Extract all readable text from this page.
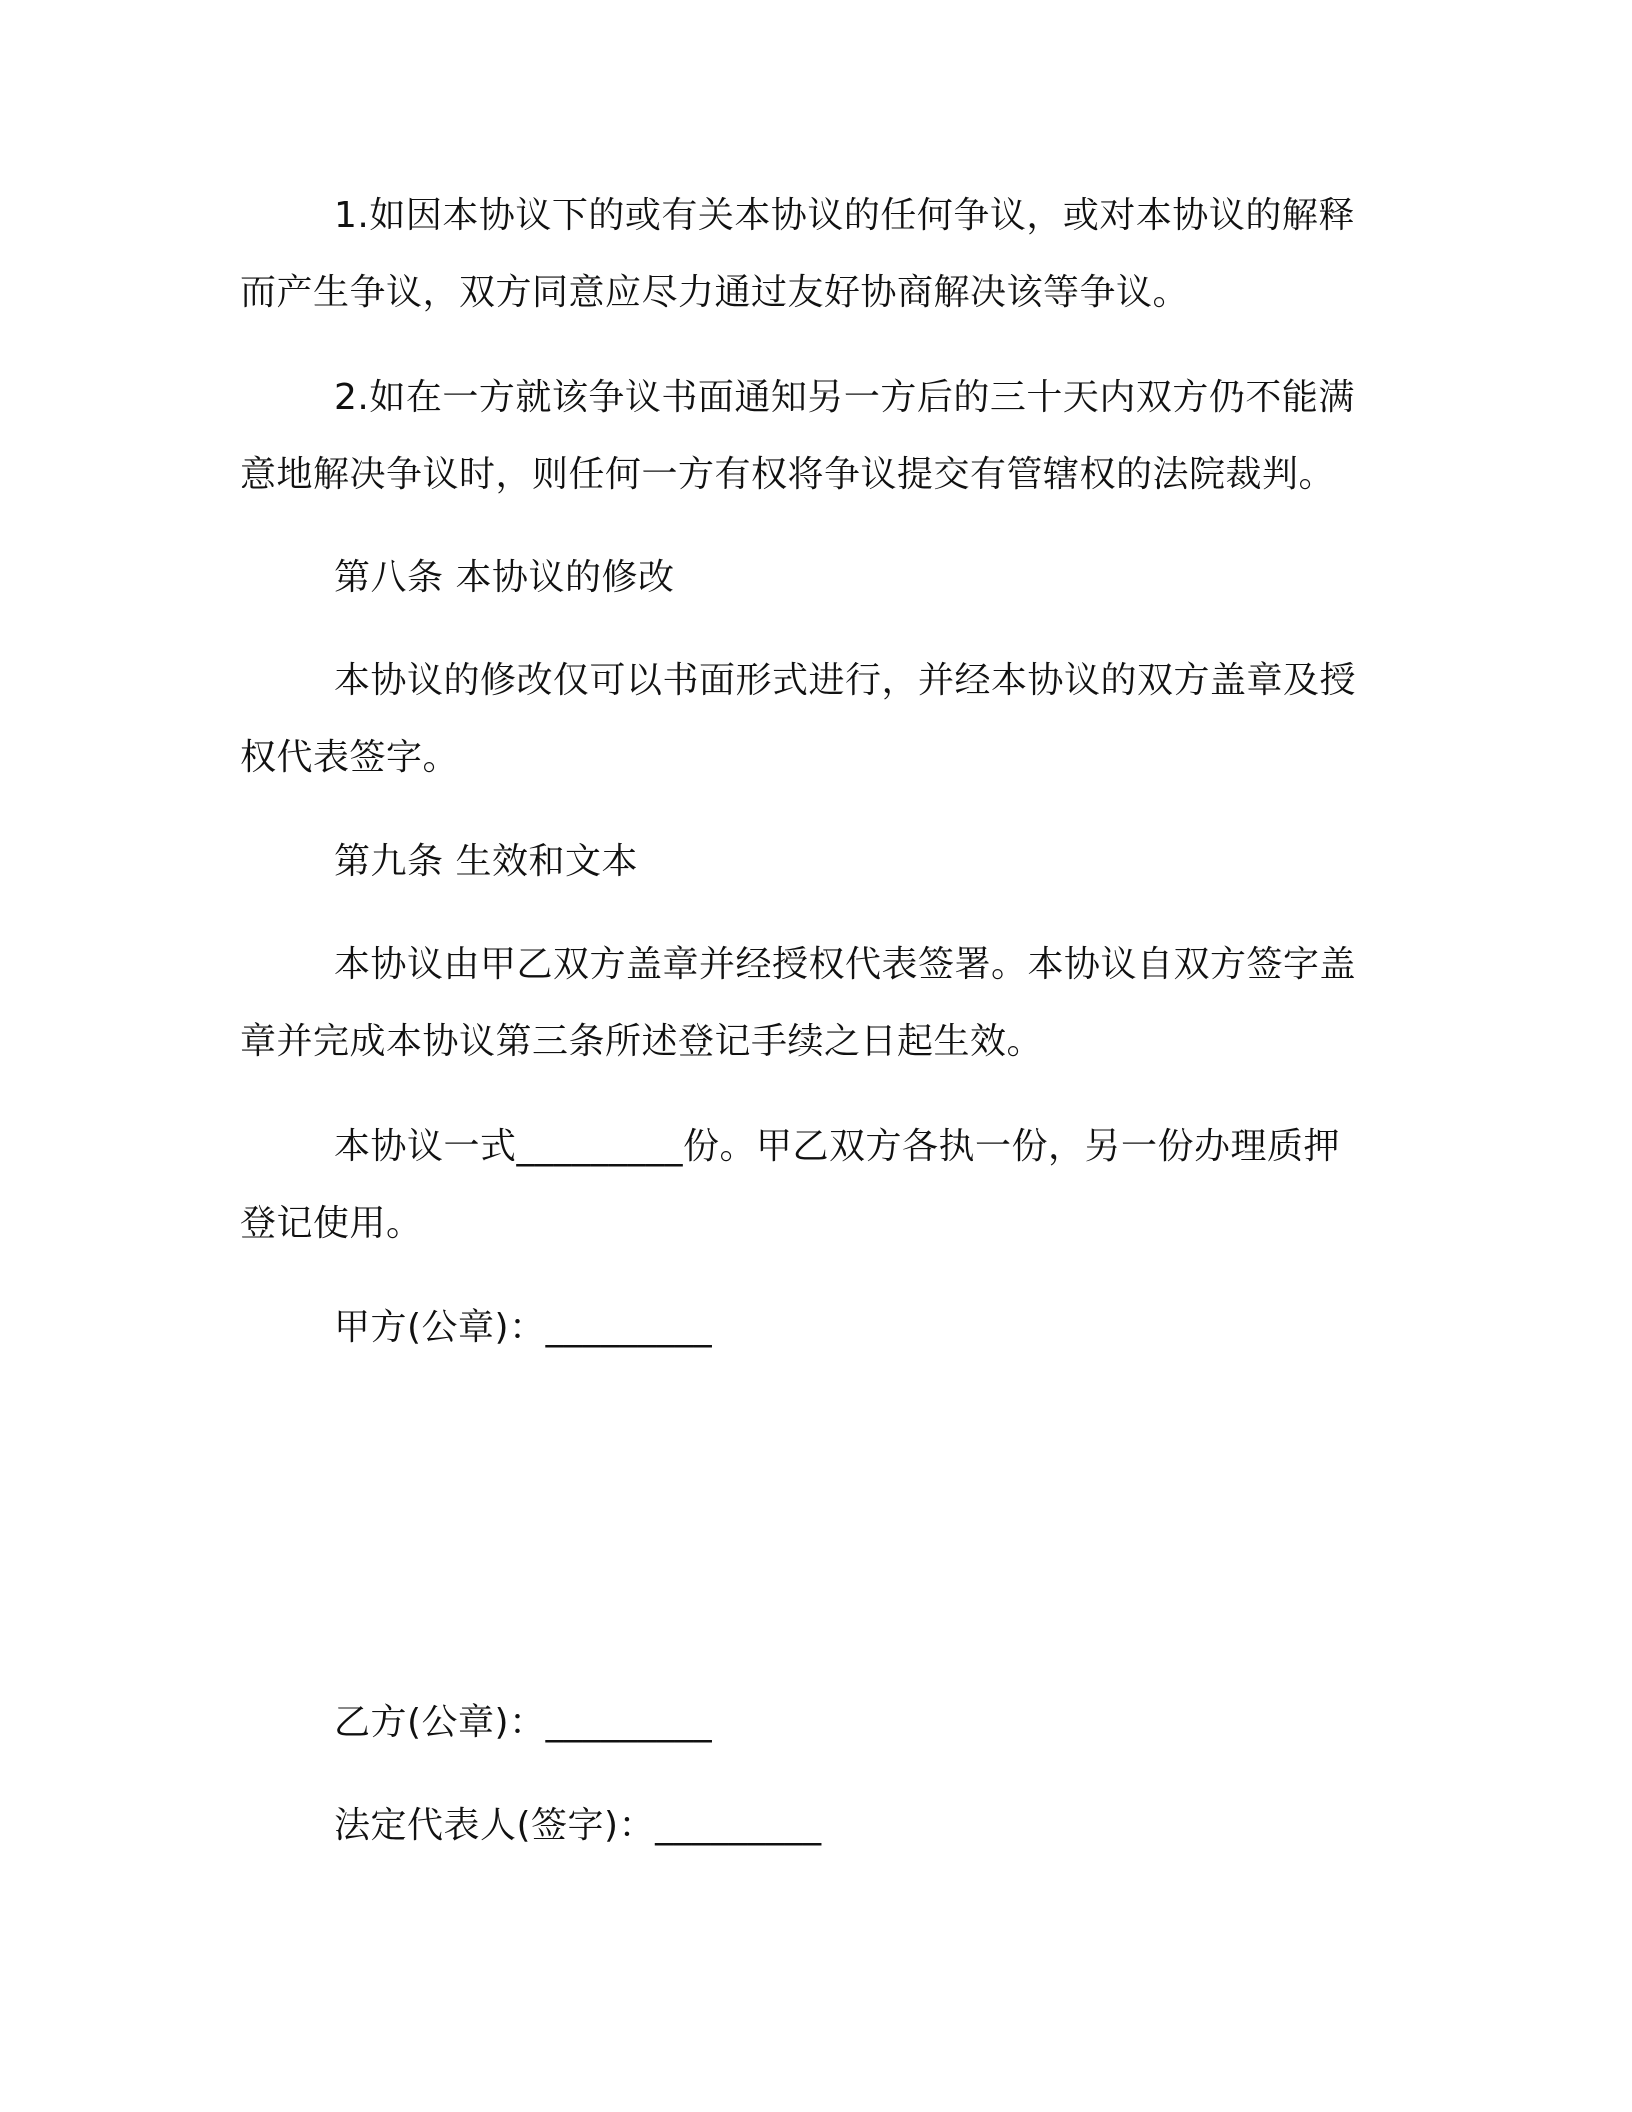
1.如因本协议下的或有关本协议的任何争议，或对本协议的解释
而产生争议，双方同意应尽力通过友好协商解决该等争议。
2.如在一方就该争议书面通知另一方后的三十天内双方仍不能满
意地解决争议时，则任何一方有权将争议提交有管辖权的法院裁判。
第八条 本协议的修改
本协议的修改仅可以书面形式进行，并经本协议的双方盖章及授
权代表签字。
第九条 生效和文本
本协议由甲乙双方盖章并经授权代表签署。本协议自双方签字盖
章并完成本协议第三条所述登记手续之日起生效。
本协议一式_________份。甲乙双方各执一份，另一份办理质押
登记使用。
甲方(公章)：_________
乙方(公章)：_________
法定代表人(签字)：_________
